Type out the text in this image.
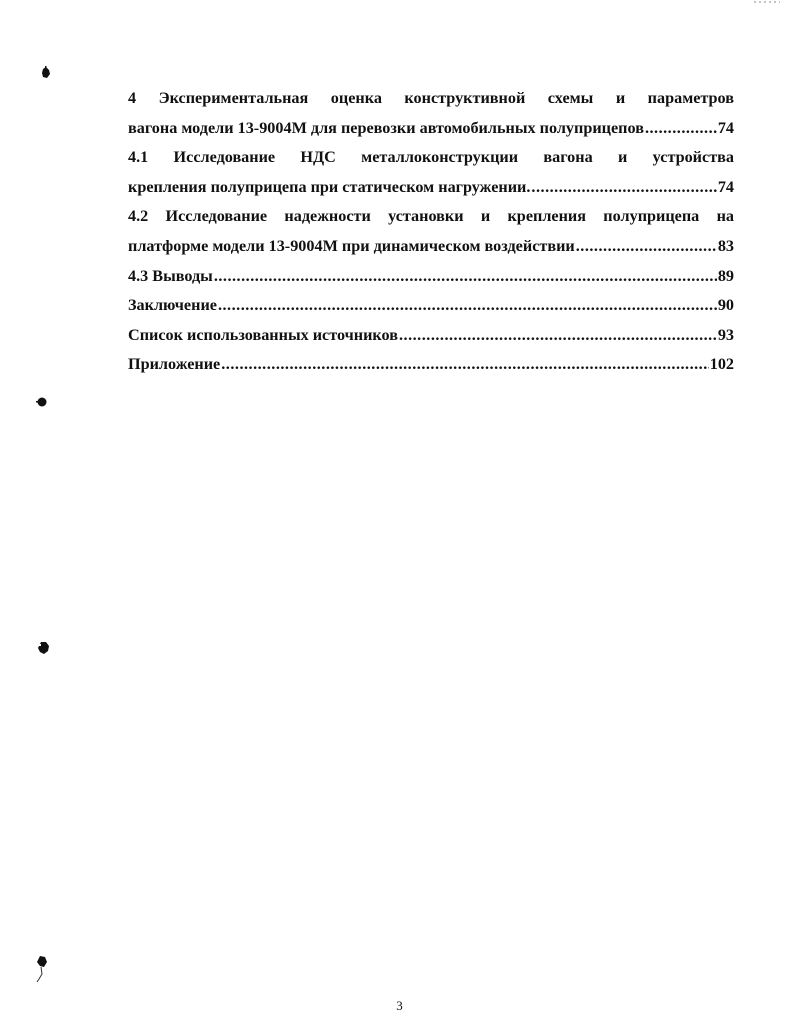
4 Экспериментальная оценка конструктивной схемы и параметров
вагона модели 13-9004М для перевозки автомобильных полуприцепов .....	74
4.1 Исследование НДС металлоконструкции вагона и устройства
крепления полуприцепа при статическом нагружении. .....	74
4.2 Исследование надежности установки и крепления полуприцепа на
платформе модели 13-9004М при динамическом воздействии .....	83
4.3 Выводы .....	89
Заключение .....	90
Список использованных источников .....	93
Приложение .....	102
3
